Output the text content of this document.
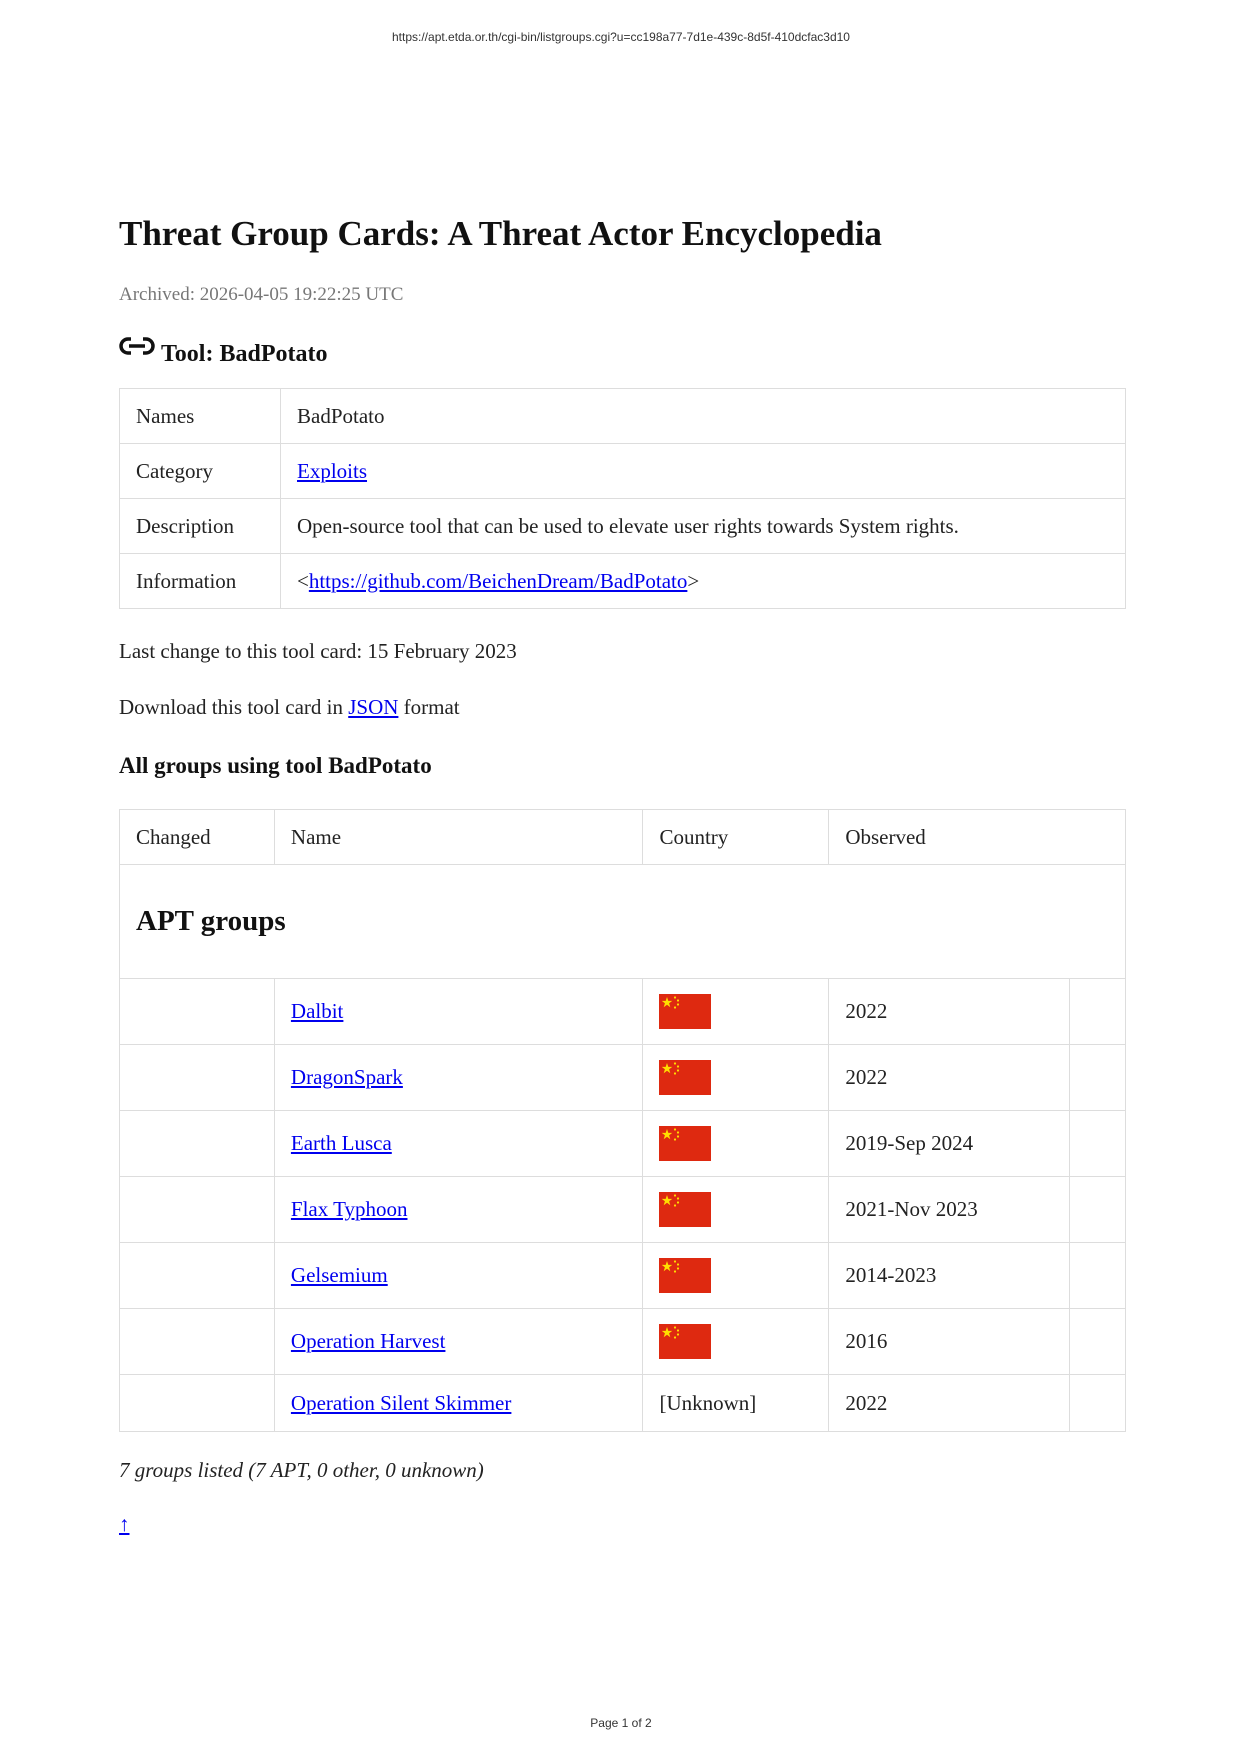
https://apt.etda.or.th/cgi-bin/listgroups.cgi?u=cc198a77-7d1e-439c-8d5f-410dcfac3d10
Threat Group Cards: A Threat Actor Encyclopedia
Archived: 2026-04-05 19:22:25 UTC
Tool: BadPotato
Names	BadPotato
Category	Exploits
Description	Open-source tool that can be used to elevate user rights towards System rights.
Information	<https://github.com/BeichenDream/BadPotato>
Last change to this tool card: 15 February 2023
Download this tool card in JSON format
All groups using tool BadPotato
Changed	Name	Country	Observed	
APT groups				
	Dalbit		2022	
	DragonSpark		2022	
	Earth Lusca		2019-Sep 2024	
	Flax Typhoon		2021-Nov 2023	
	Gelsemium		2014-2023	
	Operation Harvest		2016	
	Operation Silent Skimmer	[Unknown]	2022	
7 groups listed (7 APT, 0 other, 0 unknown)
↑
Page 1 of 2
